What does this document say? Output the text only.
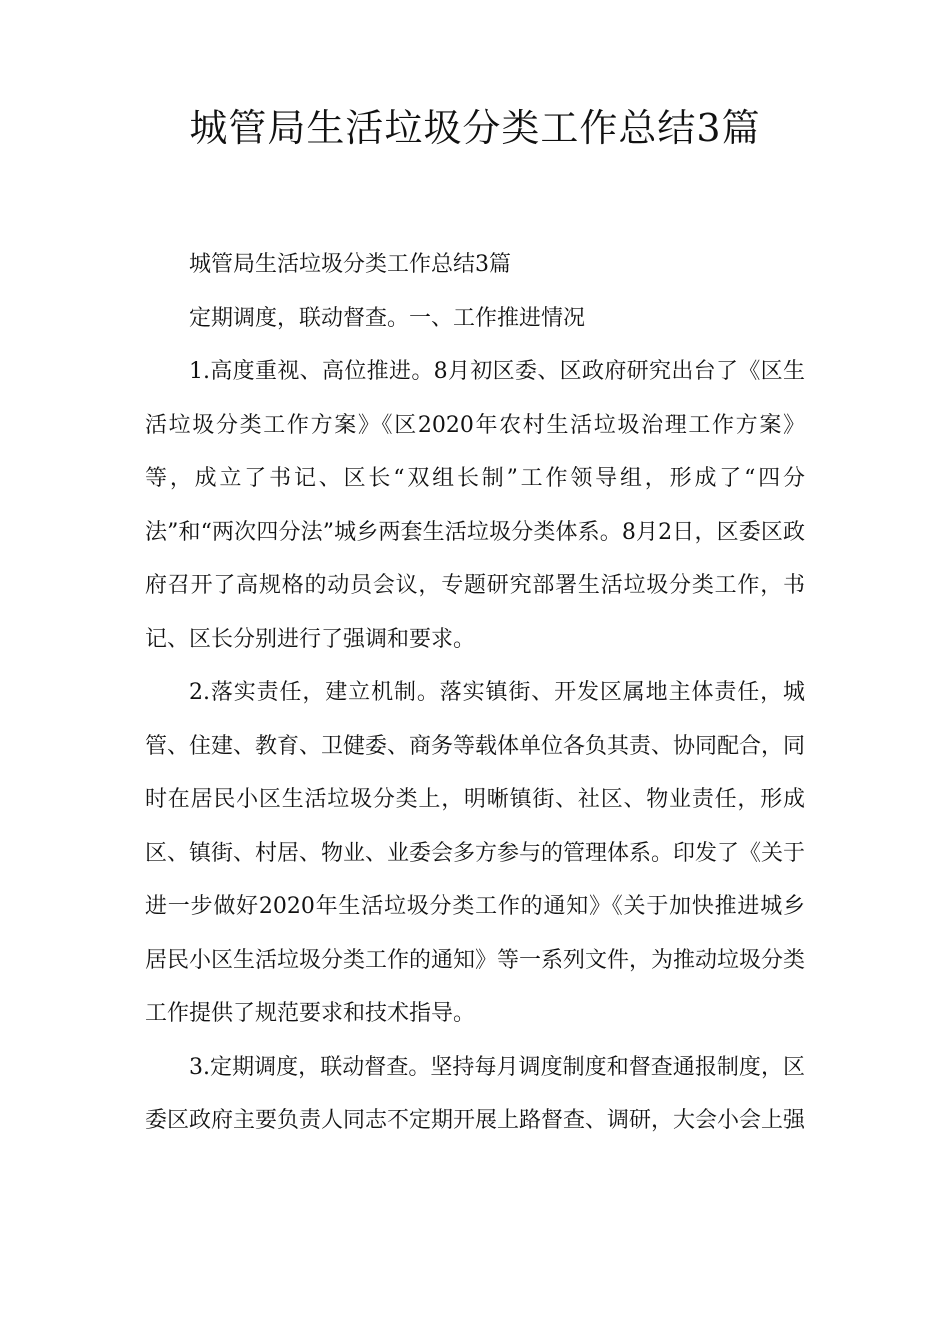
城管局生活垃圾分类工作总结3篇

城管局生活垃圾分类工作总结3篇

定期调度，联动督查。一、工作推进情况

1.高度重视、高位推进。8月初区委、区政府研究出台了《区生活垃圾分类工作方案》《区2020年农村生活垃圾治理工作方案》等，成立了书记、区长“双组长制”工作领导组，形成了“四分法”和“两次四分法”城乡两套生活垃圾分类体系。8月2日，区委区政府召开了高规格的动员会议，专题研究部署生活垃圾分类工作，书记、区长分别进行了强调和要求。

2.落实责任，建立机制。落实镇街、开发区属地主体责任，城管、住建、教育、卫健委、商务等载体单位各负其责、协同配合，同时在居民小区生活垃圾分类上，明晰镇街、社区、物业责任，形成区、镇街、村居、物业、业委会多方参与的管理体系。印发了《关于进一步做好2020年生活垃圾分类工作的通知》《关于加快推进城乡居民小区生活垃圾分类工作的通知》等一系列文件，为推动垃圾分类工作提供了规范要求和技术指导。

3.定期调度，联动督查。坚持每月调度制度和督查通报制度，区委区政府主要负责人同志不定期开展上路督查、调研，大会小会上强
